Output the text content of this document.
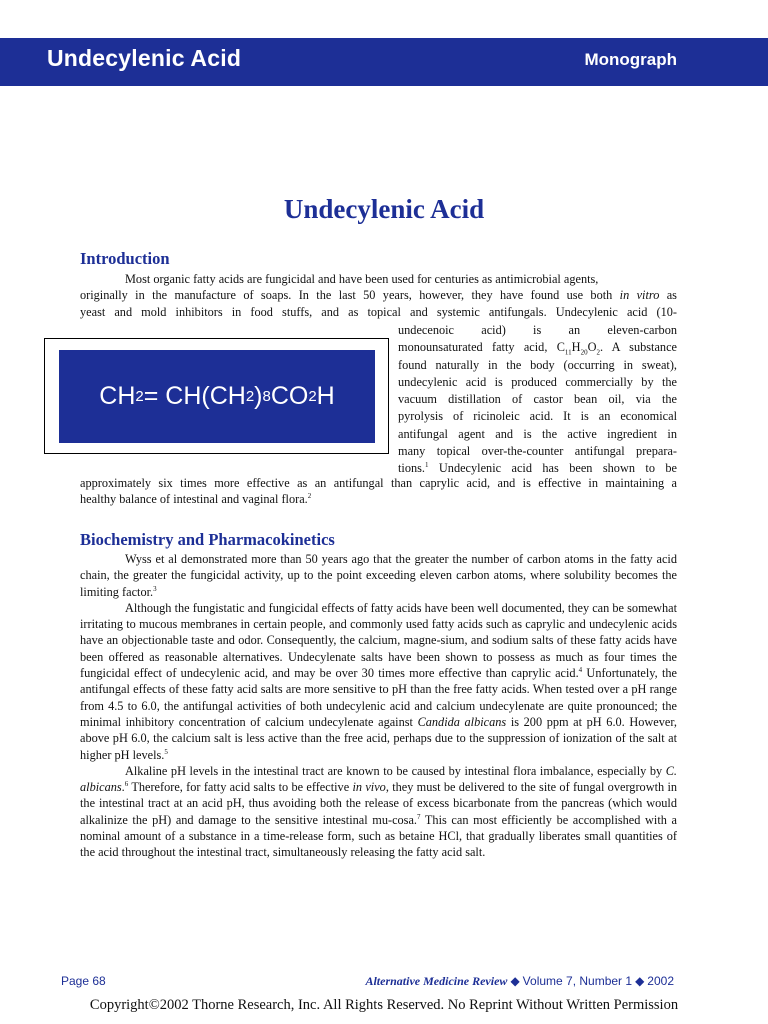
Undecylenic Acid	Monograph
Undecylenic Acid
Introduction

Most organic fatty acids are fungicidal and have been used for centuries as antimicrobial agents,

originally in the manufacture of soaps. In the last 50 years, however, they have found use both in vitro as
yeast and mold inhibitors in food stuffs, and as topical and systemic antifungals. Undecylenic acid (10-
undecenoic acid) is an eleven-carbon
monounsaturated fatty acid, $C_{11}H_{20}O_2$. A substance
found naturally in the body (occurring in sweat),
undecylenic acid is produced commercially by the
vacuum distillation of castor bean oil, via the
pyrolysis of ricinoleic acid. It is an economical
antifungal agent and is the active ingredient in
many topical over-the-counter antifungal prepara-
tions.$^1$ Undecylenic acid has been shown to be
CH 2 = CH(CH 2 ) 8 CO 2 H
approximately six times more effective as an antifungal than caprylic acid, and is effective in maintaining a
healthy balance of intestinal and vaginal flora.$^2$
Biochemistry and Pharmacokinetics

Wyss et al demonstrated more than 50 years ago that the greater the number of carbon atoms in the fatty acid chain, the greater the fungicidal activity, up to the point exceeding eleven carbon atoms, where solubility becomes the limiting factor.$^3$

Although the fungistatic and fungicidal effects of fatty acids have been well documented, they can be somewhat irritating to mucous membranes in certain people, and commonly used fatty acids such as caprylic and undecylenic acids have an objectionable taste and odor. Consequently, the calcium, magne-sium, and sodium salts of these fatty acids have been offered as reasonable alternatives. Undecylenate salts have been shown to possess as much as four times the fungicidal effect of undecylenic acid, and may be over 30 times more effective than caprylic acid.$^4$ Unfortunately, the antifungal effects of these fatty acid salts are more sensitive to pH than the free fatty acids. When tested over a pH range from 4.5 to 6.0, the antifungal activities of both undecylenic acid and calcium undecylenate are quite pronounced; the minimal inhibitory concentration of calcium undecylenate against Candida albicans is 200 ppm at pH 6.0. However, above pH 6.0, the calcium salt is less active than the free acid, perhaps due to the suppression of ionization of the salt at higher pH levels.$^5$

Alkaline pH levels in the intestinal tract are known to be caused by intestinal flora imbalance, especially by C. albicans.$^6$ Therefore, for fatty acid salts to be effective in vivo, they must be delivered to the site of fungal overgrowth in the intestinal tract at an acid pH, thus avoiding both the release of excess bicarbonate from the pancreas (which would alkalinize the pH) and damage to the sensitive intestinal mu-cosa.$^7$ This can most efficiently be accomplished with a nominal amount of a substance in a time-release form, such as betaine HCl, that gradually liberates small quantities of the acid throughout the intestinal tract, simultaneously releasing the fatty acid salt.

Page 68	Alternative Medicine Review ◆ Volume 7, Number 1 ◆ 2002
Copyright©2002 Thorne Research, Inc. All Rights Reserved. No Reprint Without Written Permission
